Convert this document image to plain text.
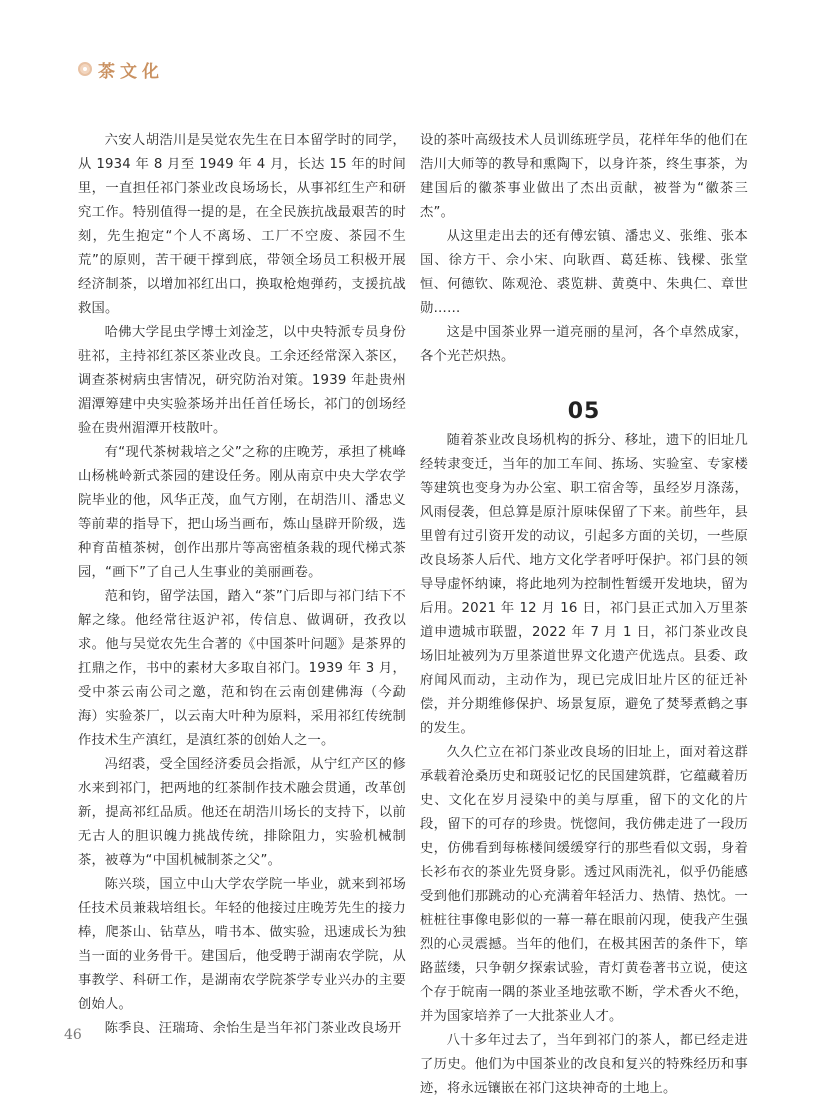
茶文化

六安人胡浩川是吴觉农先生在日本留学时的同学，从 1934 年 8 月至 1949 年 4 月，长达 15 年的时间里，一直担任祁门茶业改良场场长，从事祁红生产和研究工作。特别值得一提的是，在全民族抗战最艰苦的时刻，先生抱定“个人不离场、工厂不空废、茶园不生荒”的原则，苦干硬干撑到底，带领全场员工积极开展经济制茶，以增加祁红出口，换取枪炮弹药，支援抗战救国。

哈佛大学昆虫学博士刘淦芝，以中央特派专员身份驻祁，主持祁红茶区茶业改良。工余还经常深入茶区，调查茶树病虫害情况，研究防治对策。1939 年赴贵州湄潭筹建中央实验茶场并出任首任场长，祁门的创场经验在贵州湄潭开枝散叶。

有“现代茶树栽培之父”之称的庄晚芳，承担了桃峰山杨桃岭新式茶园的建设任务。刚从南京中央大学农学院毕业的他，风华正茂，血气方刚，在胡浩川、潘忠义等前辈的指导下，把山场当画布，炼山垦辟开阶级，选种育苗植茶树，创作出那片等高密植条栽的现代梯式茶园，“画下”了自己人生事业的美丽画卷。

范和钧，留学法国，踏入“茶”门后即与祁门结下不解之缘。他经常往返沪祁，传信息、做调研，孜孜以求。他与吴觉农先生合著的《中国茶叶问题》是茶界的扛鼎之作，书中的素材大多取自祁门。1939 年 3 月，受中茶云南公司之邀，范和钧在云南创建佛海（今勐海）实验茶厂，以云南大叶种为原料，采用祁红传统制作技术生产滇红，是滇红茶的创始人之一。

冯绍裘，受全国经济委员会指派，从宁红产区的修水来到祁门，把两地的红茶制作技术融会贯通，改革创新，提高祁红品质。他还在胡浩川场长的支持下，以前无古人的胆识魄力挑战传统，排除阻力，实验机械制茶，被尊为“中国机械制茶之父”。

陈兴琰，国立中山大学农学院一毕业，就来到祁场任技术员兼栽培组长。年轻的他接过庄晚芳先生的接力棒，爬茶山、钻草丛，啃书本、做实验，迅速成长为独当一面的业务骨干。建国后，他受聘于湖南农学院，从事教学、科研工作，是湖南农学院茶学专业兴办的主要创始人。

陈季良、汪瑞琦、余怡生是当年祁门茶业改良场开

设的茶叶高级技术人员训练班学员，花样年华的他们在浩川大师等的教导和熏陶下，以身许茶，终生事茶，为建国后的徽茶事业做出了杰出贡献，被誉为“徽茶三杰”。

从这里走出去的还有傅宏镇、潘忠义、张维、张本国、徐方干、佘小宋、向耿酉、葛廷栋、钱樑、张堂恒、何德钦、陈观沧、裘览耕、黄奠中、朱典仁、章世勋……

这是中国茶业界一道亮丽的星河，各个卓然成家，各个光芒炽热。

05

随着茶业改良场机构的拆分、移址，遗下的旧址几经转隶变迁，当年的加工车间、拣场、实验室、专家楼等建筑也变身为办公室、职工宿舍等，虽经岁月涤荡，风雨侵袭，但总算是原汁原味保留了下来。前些年，县里曾有过引资开发的动议，引起多方面的关切，一些原改良场茶人后代、地方文化学者呼吁保护。祁门县的领导导虚怀纳谏，将此地列为控制性暂缓开发地块，留为后用。2021 年 12 月 16 日，祁门县正式加入万里茶道申遗城市联盟，2022 年 7 月 1 日，祁门茶业改良场旧址被列为万里茶道世界文化遗产优选点。县委、政府闻风而动，主动作为，现已完成旧址片区的征迁补偿，并分期维修保护、场景复原，避免了焚琴煮鹤之事的发生。

久久伫立在祁门茶业改良场的旧址上，面对着这群承载着沧桑历史和斑驳记忆的民国建筑群，它蕴藏着历史、文化在岁月浸染中的美与厚重，留下的文化的片段，留下的可存的珍贵。恍惚间，我仿佛走进了一段历史，仿佛看到每栋楼间缓缓穿行的那些看似文弱，身着长衫布衣的茶业先贤身影。透过风雨洗礼，似乎仍能感受到他们那跳动的心充满着年轻活力、热情、热忱。一桩桩往事像电影似的一幕一幕在眼前闪现，使我产生强烈的心灵震撼。当年的他们，在极其困苦的条件下，筚路蓝缕，只争朝夕探索试验，青灯黄卷著书立说，使这个存于皖南一隅的茶业圣地弦歌不断，学术香火不绝，并为国家培养了一大批茶业人才。

八十多年过去了，当年到祁门的茶人，都已经走进了历史。他们为中国茶业的改良和复兴的特殊经历和事迹，将永远镶嵌在祁门这块神奇的土地上。

46
